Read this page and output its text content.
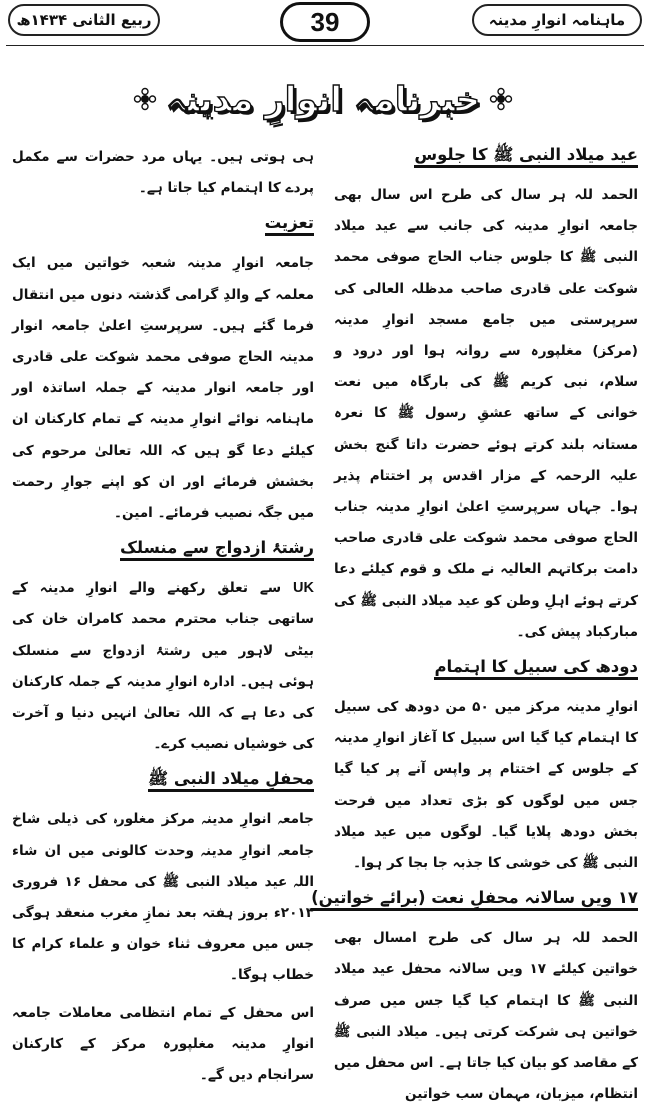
ماہنامہ انوارِ مدینہ
39
ربیع الثانی ۱۴۳۴ھ
خبرنامہ انوارِ مدینہ
عید میلاد النبی ﷺ کا جلوس

الحمد للہ ہر سال کی طرح اس سال بھی جامعہ انوارِ مدینہ کی جانب سے عید میلاد النبی ﷺ کا جلوس جناب الحاج صوفی محمد شوکت علی قادری صاحب مدظلہ العالی کی سرپرستی میں جامع مسجد انوارِ مدینہ (مرکز) مغلپورہ سے روانہ ہوا اور درود و سلام، نبی کریم ﷺ کی بارگاہ میں نعت خوانی کے ساتھ عشقِ رسول ﷺ کا نعرہ مستانہ بلند کرتے ہوئے حضرت داتا گنج بخش علیہ الرحمہ کے مزار اقدس پر اختتام پذیر ہوا۔ جہاں سرپرستِ اعلیٰ انوارِ مدینہ جناب الحاج صوفی محمد شوکت علی قادری صاحب دامت برکاتہم العالیہ نے ملک و قوم کیلئے دعا کرتے ہوئے اہلِ وطن کو عید میلاد النبی ﷺ کی مبارکباد پیش کی۔

دودھ کی سبیل کا اہتمام

انوارِ مدینہ مرکز میں ۵۰ من دودھ کی سبیل کا اہتمام کیا گیا اس سبیل کا آغاز انوارِ مدینہ کے جلوس کے اختتام پر واپس آنے پر کیا گیا جس میں لوگوں کو بڑی تعداد میں فرحت بخش دودھ پلایا گیا۔ لوگوں میں عید میلاد النبی ﷺ کی خوشی کا جذبہ جا بجا کر ہوا۔

۱۷ ویں سالانہ محفلِ نعت (برائے خواتین)

الحمد للہ ہر سال کی طرح امسال بھی خواتین کیلئے ۱۷ ویں سالانہ محفل عید میلاد النبی ﷺ کا اہتمام کیا گیا جس میں صرف خواتین ہی شرکت کرتی ہیں۔ میلاد النبی ﷺ کے مقاصد کو بیان کیا جاتا ہے۔ اس محفل میں انتظام، میزبان، مہمان سب خواتین

ہی ہوتی ہیں۔ یہاں مرد حضرات سے مکمل پردے کا اہتمام کیا جاتا ہے۔

تعزیت

جامعہ انوارِ مدینہ شعبہ خواتین میں ایک معلمہ کے والدِ گرامی گذشتہ دنوں میں انتقال فرما گئے ہیں۔ سرپرستِ اعلیٰ جامعہ انوار مدینہ الحاج صوفی محمد شوکت علی قادری اور جامعہ انوار مدینہ کے جملہ اساتذہ اور ماہنامہ نوائے انوارِ مدینہ کے تمام کارکنان ان کیلئے دعا گو ہیں کہ اللہ تعالیٰ مرحوم کی بخشش فرمائے اور ان کو اپنے جوارِ رحمت میں جگہ نصیب فرمائے۔ امین۔

رشتۂ ازدواج سے منسلک

UK سے تعلق رکھنے والے انوارِ مدینہ کے ساتھی جناب محترم محمد کامران خان کی بیٹی لاہور میں رشتۂ ازدواج سے منسلک ہوئی ہیں۔ ادارہ انوارِ مدینہ کے جملہ کارکنان کی دعا ہے کہ اللہ تعالیٰ انہیں دنیا و آخرت کی خوشیاں نصیب کرے۔

محفلِ میلاد النبی ﷺ

جامعہ انوارِ مدینہ مرکز مغلورہ کی ذیلی شاخ جامعہ انوارِ مدینہ وحدت کالونی میں ان شاء اللہ عید میلاد النبی ﷺ کی محفل ۱۶ فروری ۲۰۱۳ء بروز ہفتہ بعد نمازِ مغرب منعقد ہوگی جس میں معروف ثناء خوان و علماء کرام کا خطاب ہوگا۔

اس محفل کے تمام انتظامی معاملات جامعہ انوارِ مدینہ مغلپورہ مرکز کے کارکنان سرانجام دیں گے۔
